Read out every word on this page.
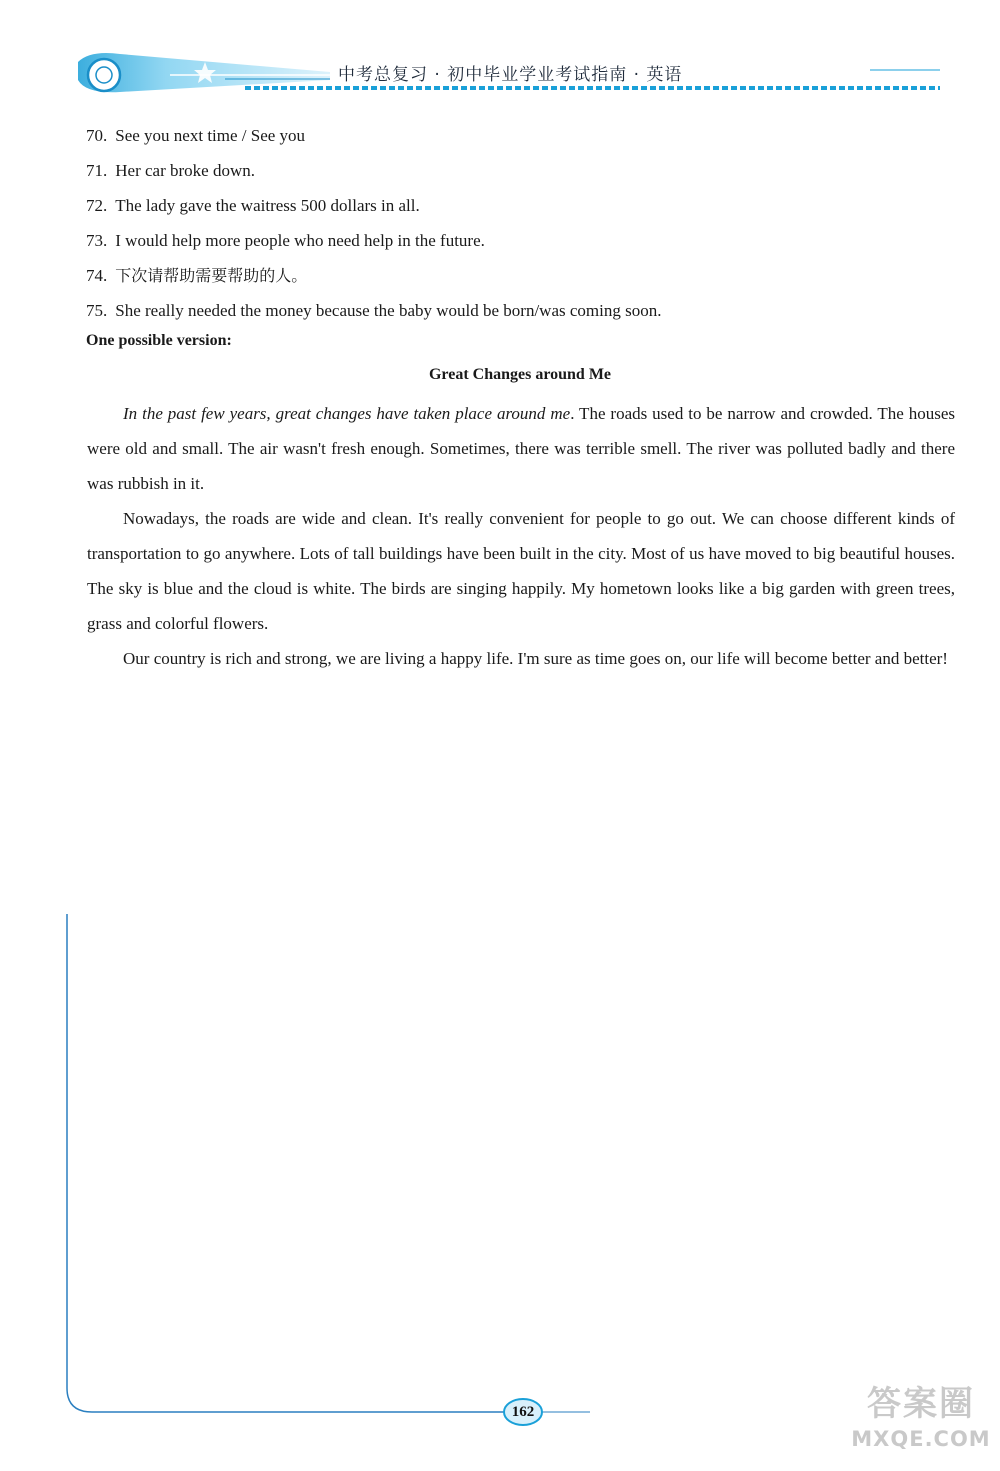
中考总复习 · 初中毕业学业考试指南 · 英语
70. See you next time / See you
71. Her car broke down.
72. The lady gave the waitress 500 dollars in all.
73. I would help more people who need help in the future.
74. 下次请帮助需要帮助的人。
75. She really needed the money because the baby would be born/was coming soon.
One possible version:
Great Changes around Me

In the past few years, great changes have taken place around me. The roads used to be narrow and crowded. The houses were old and small. The air wasn't fresh enough. Sometimes, there was terrible smell. The river was polluted badly and there was rubbish in it.

Nowadays, the roads are wide and clean. It's really convenient for people to go out. We can choose different kinds of transportation to go anywhere. Lots of tall buildings have been built in the city. Most of us have moved to big beautiful houses. The sky is blue and the cloud is white. The birds are singing happily. My hometown looks like a big garden with green trees, grass and colorful flowers.

Our country is rich and strong, we are living a happy life. I'm sure as time goes on, our life will become better and better!

162	答案圈
MXQE.COM
